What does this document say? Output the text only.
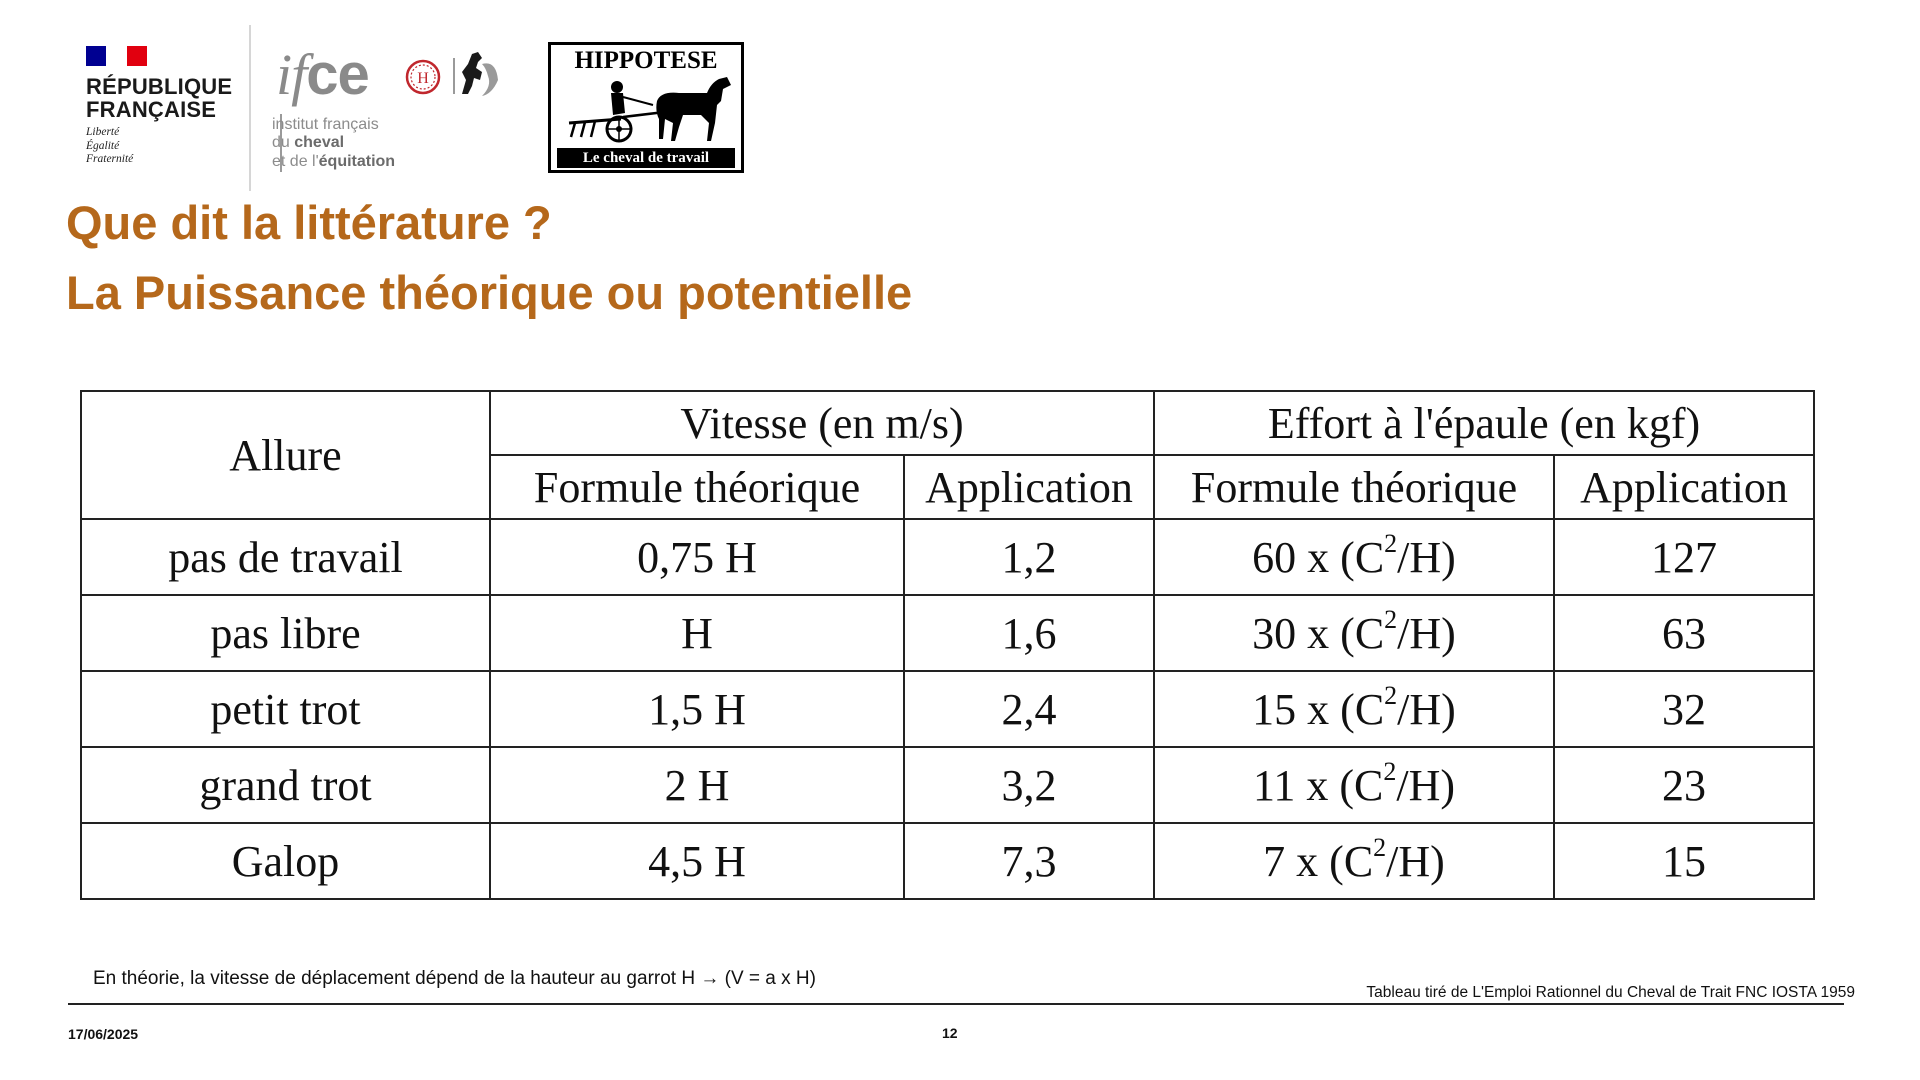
RÉPUBLIQUE
FRANÇAISE
Liberté
Égalité
Fraternité
ifce	H

institut français

du cheval

et de l'équitation

HIPPOTESE
Le cheval de travail
Que dit la littérature ?
La Puissance théorique ou potentielle
Allure	Vitesse (en m/s)		Effort à l'épaule (en kgf)	
	Formule théorique	Application	Formule théorique	Application
pas de travail	0,75 H	1,2	60 x $(C^2/H)$	127
pas libre	H	1,6	30 x $(C^2/H)$	63
petit trot	1,5 H	2,4	15 x $(C^2/H)$	32
grand trot	2 H	3,2	11 x $(C^2/H)$	23
Galop	4,5 H	7,3	7 x $(C^2/H)$	15
En théorie, la vitesse de déplacement dépend de la hauteur au garrot H → (V = a x H)
Tableau tiré de L'Emploi Rationnel du Cheval de Trait FNC IOSTA 1959
17/06/2025	12
